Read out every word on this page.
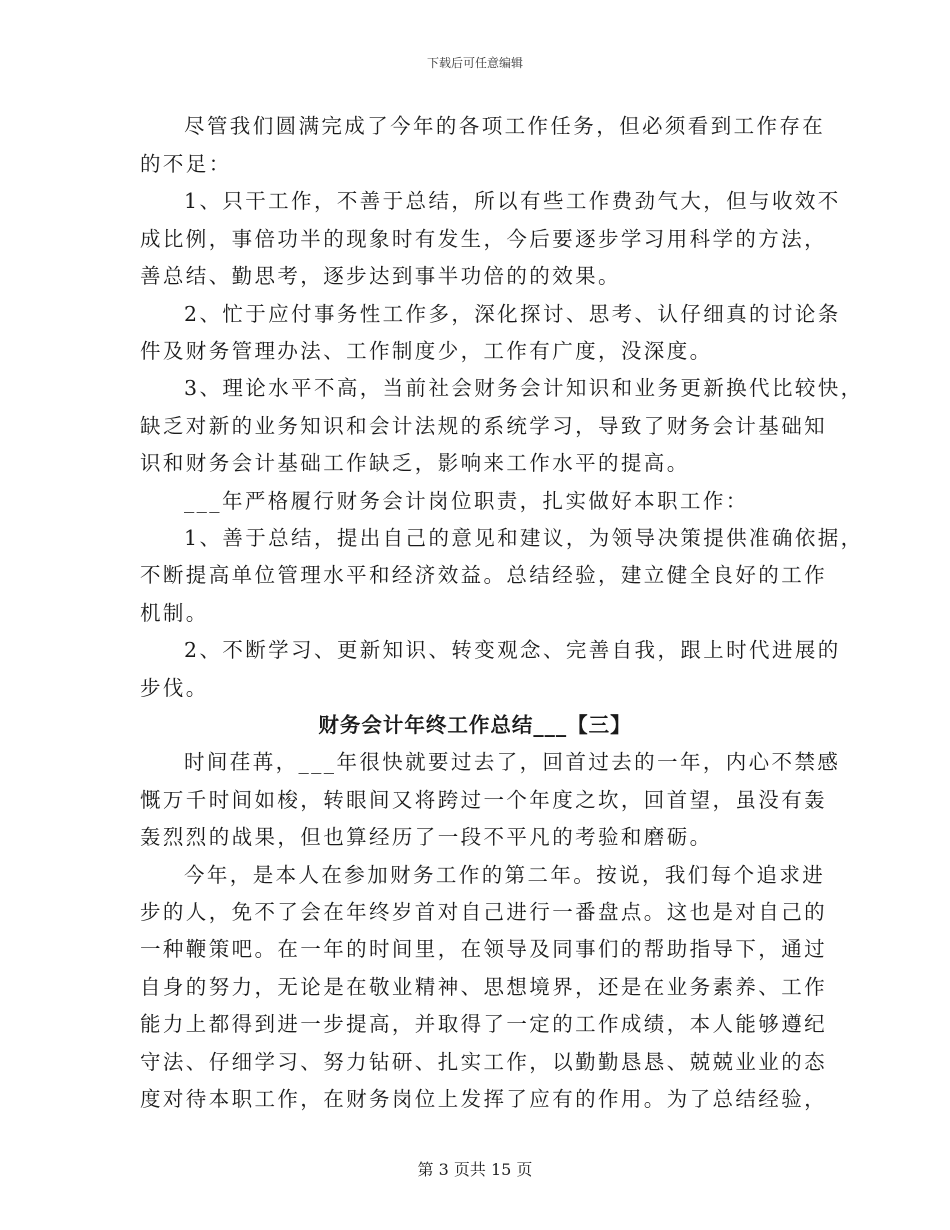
下载后可任意编辑
尽管我们圆满完成了今年的各项工作任务，但必须看到工作存在
的不足：
1、只干工作，不善于总结，所以有些工作费劲气大，但与收效不
成比例，事倍功半的现象时有发生，今后要逐步学习用科学的方法，
善总结、勤思考，逐步达到事半功倍的的效果。
2、忙于应付事务性工作多，深化探讨、思考、认仔细真的讨论条
件及财务管理办法、工作制度少，工作有广度，没深度。
3、理论水平不高，当前社会财务会计知识和业务更新换代比较快，
缺乏对新的业务知识和会计法规的系统学习，导致了财务会计基础知
识和财务会计基础工作缺乏，影响来工作水平的提高。
___年严格履行财务会计岗位职责，扎实做好本职工作：
1、善于总结，提出自己的意见和建议，为领导决策提供准确依据，
不断提高单位管理水平和经济效益。总结经验，建立健全良好的工作
机制。
2、不断学习、更新知识、转变观念、完善自我，跟上时代进展的
步伐。
财务会计年终工作总结___【三】
时间荏苒，___年很快就要过去了，回首过去的一年，内心不禁感
慨万千时间如梭，转眼间又将跨过一个年度之坎，回首望，虽没有轰
轰烈烈的战果，但也算经历了一段不平凡的考验和磨砺。
今年，是本人在参加财务工作的第二年。按说，我们每个追求进
步的人，免不了会在年终岁首对自己进行一番盘点。这也是对自己的
一种鞭策吧。在一年的时间里，在领导及同事们的帮助指导下，通过
自身的努力，无论是在敬业精神、思想境界，还是在业务素养、工作
能力上都得到进一步提高，并取得了一定的工作成绩，本人能够遵纪
守法、仔细学习、努力钻研、扎实工作，以勤勤恳恳、兢兢业业的态
度对待本职工作，在财务岗位上发挥了应有的作用。为了总结经验，
第 3 页共 15 页
